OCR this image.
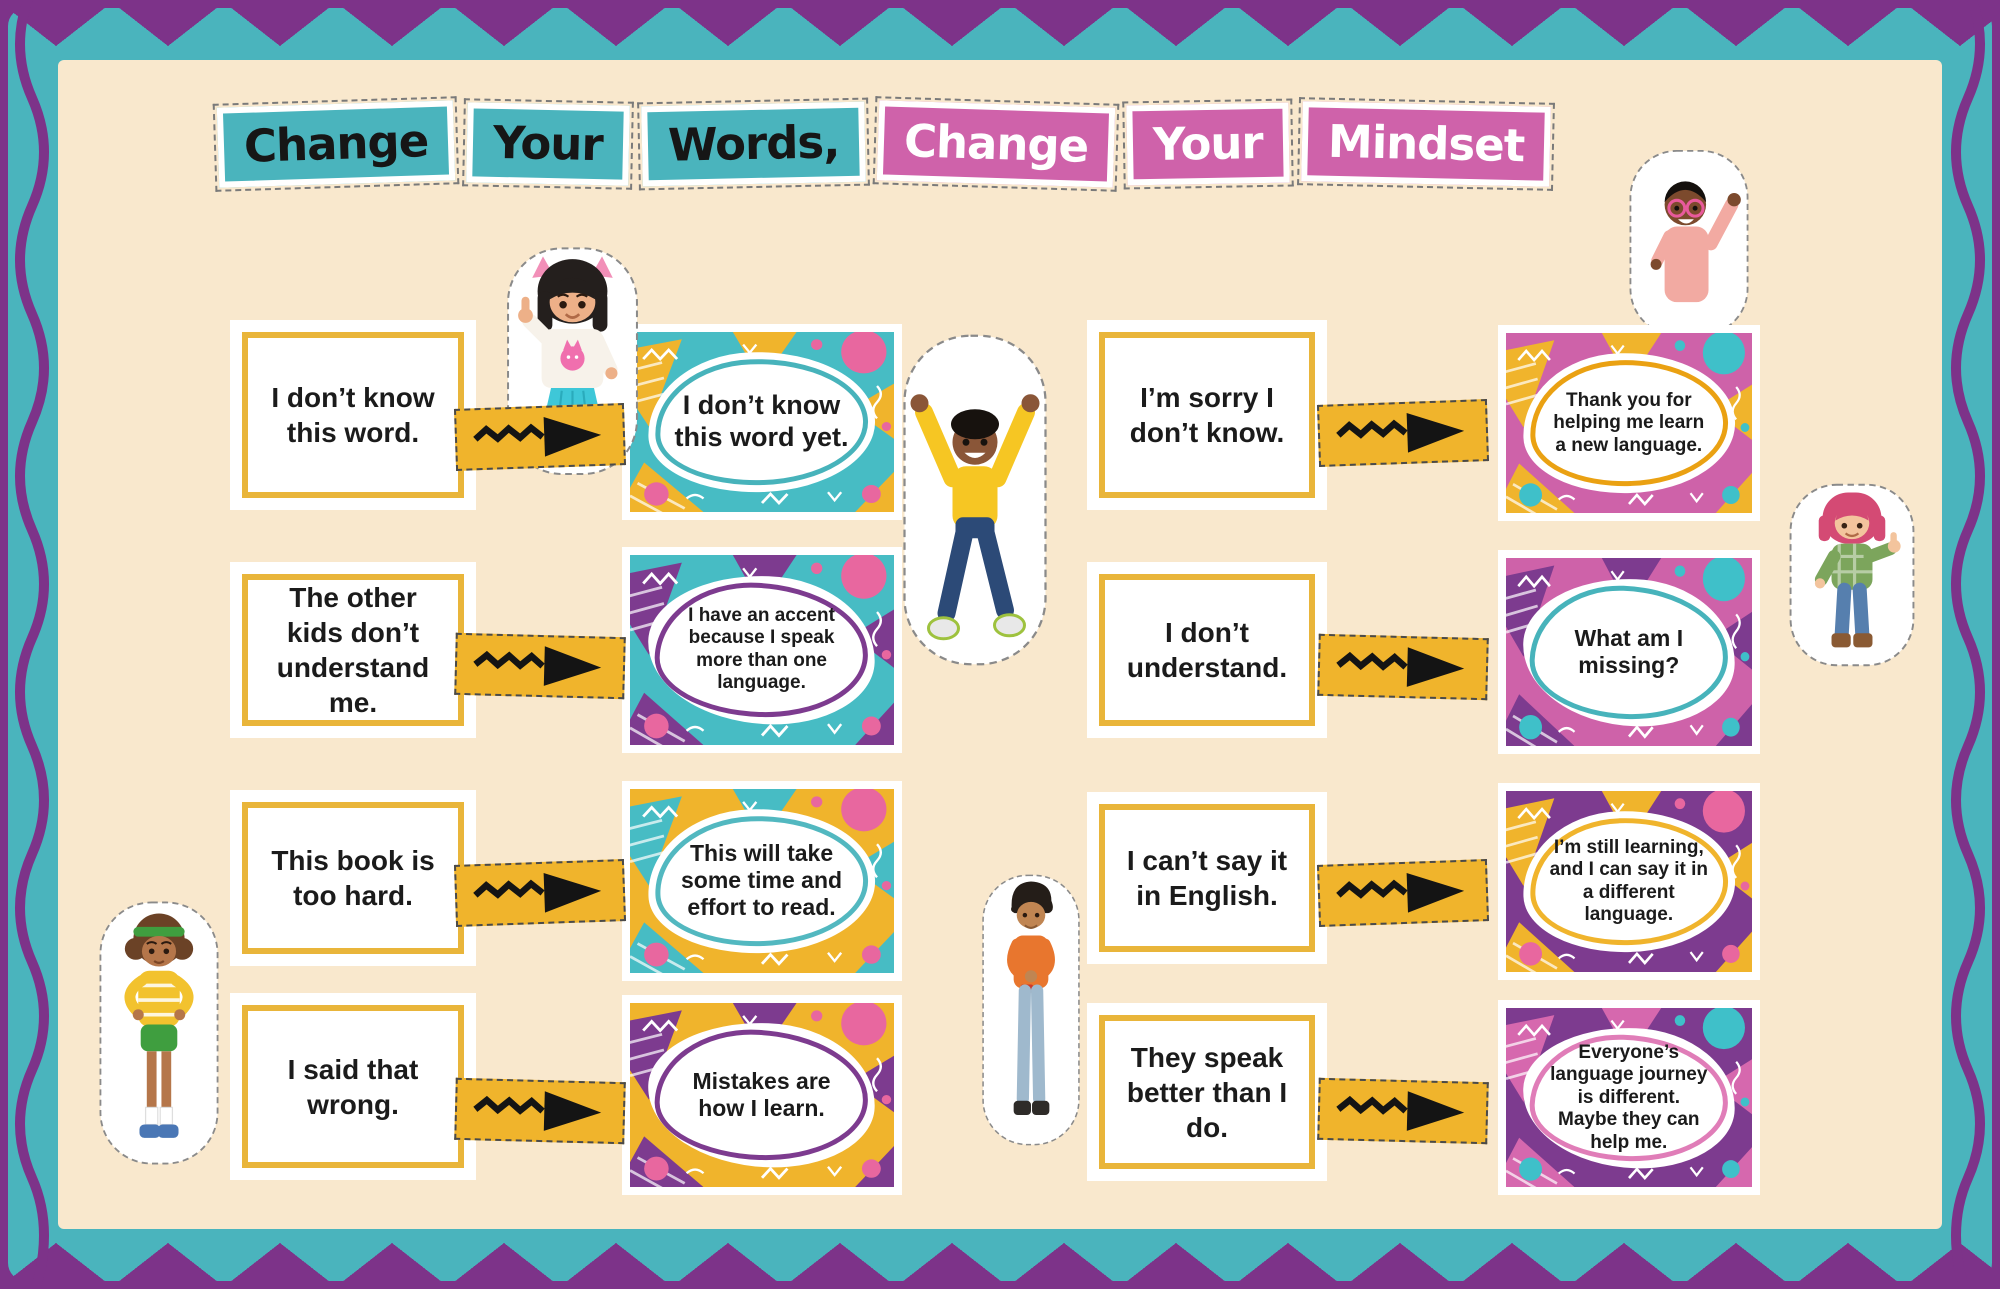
Change	Your	Words,	Change	Your	Mindset

I don’t know this word.

I don’t know this word yet.

The other kids don’t understand me.

I have an accent because I speak more than one language.

This book is too hard.

This will take some time and effort to read.

I said that wrong.

Mistakes are how I learn.

I’m sorry I don’t know.

Thank you for helping me learn a new language.

I don’t understand.

What am I missing?

I can’t say it in English.

I’m still learning, and I can say it in a different language.

They speak better than I do.

Everyone’s language journey is different. Maybe they can help me.
